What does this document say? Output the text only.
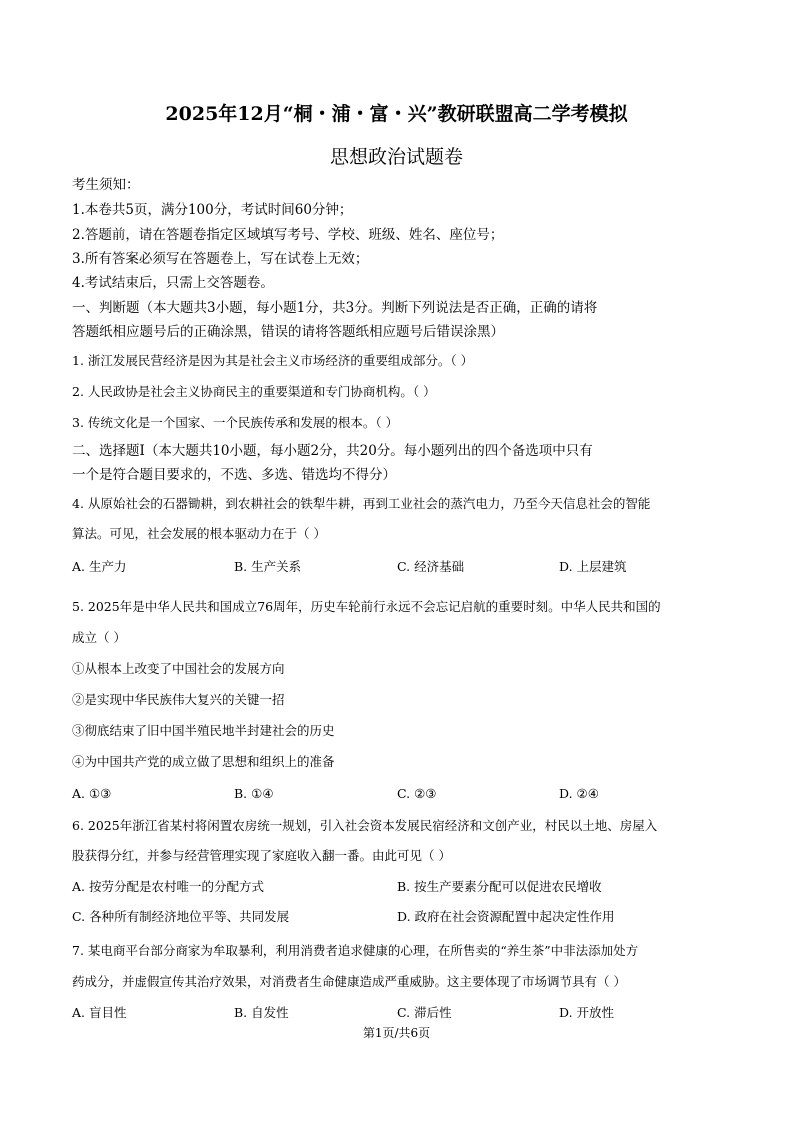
2025年12月“桐・浦・富・兴”教研联盟高二学考模拟
思想政治试题卷
考生须知：
1.本卷共5页，满分100分，考试时间60分钟；
2.答题前，请在答题卷指定区域填写考号、学校、班级、姓名、座位号；
3.所有答案必须写在答题卷上，写在试卷上无效；
4.考试结束后，只需上交答题卷。
一、判断题（本大题共3小题，每小题1分，共3分。判断下列说法是否正确，正确的请将
答题纸相应题号后的正确涂黑，错误的请将答题纸相应题号后错误涂黑）
1. 浙江发展民营经济是因为其是社会主义市场经济的重要组成部分。（ ）
2. 人民政协是社会主义协商民主的重要渠道和专门协商机构。（ ）
3. 传统文化是一个国家、一个民族传承和发展的根本。（ ）
二、选择题Ⅰ（本大题共10小题，每小题2分，共20分。每小题列出的四个备选项中只有
一个是符合题目要求的，不选、多选、错选均不得分）
4. 从原始社会的石器锄耕，到农耕社会的铁犁牛耕，再到工业社会的蒸汽电力，乃至今天信息社会的智能
算法。可见，社会发展的根本驱动力在于（ ）
A. 生产力	B. 生产关系	C. 经济基础	D. 上层建筑
5. 2025年是中华人民共和国成立76周年，历史车轮前行永远不会忘记启航的重要时刻。中华人民共和国的
成立（ ）
①从根本上改变了中国社会的发展方向
②是实现中华民族伟大复兴的关键一招
③彻底结束了旧中国半殖民地半封建社会的历史
④为中国共产党的成立做了思想和组织上的准备
A. ①③	B. ①④	C. ②③	D. ②④
6. 2025年浙江省某村将闲置农房统一规划，引入社会资本发展民宿经济和文创产业，村民以土地、房屋入
股获得分红，并参与经营管理实现了家庭收入翻一番。由此可见（ ）
A. 按劳分配是农村唯一的分配方式	B. 按生产要素分配可以促进农民增收
C. 各种所有制经济地位平等、共同发展	D. 政府在社会资源配置中起决定性作用
7. 某电商平台部分商家为牟取暴利，利用消费者追求健康的心理，在所售卖的“养生茶”中非法添加处方
药成分，并虚假宣传其治疗效果，对消费者生命健康造成严重威胁。这主要体现了市场调节具有（ ）
A. 盲目性	B. 自发性	C. 滞后性	D. 开放性
第1页/共6页
